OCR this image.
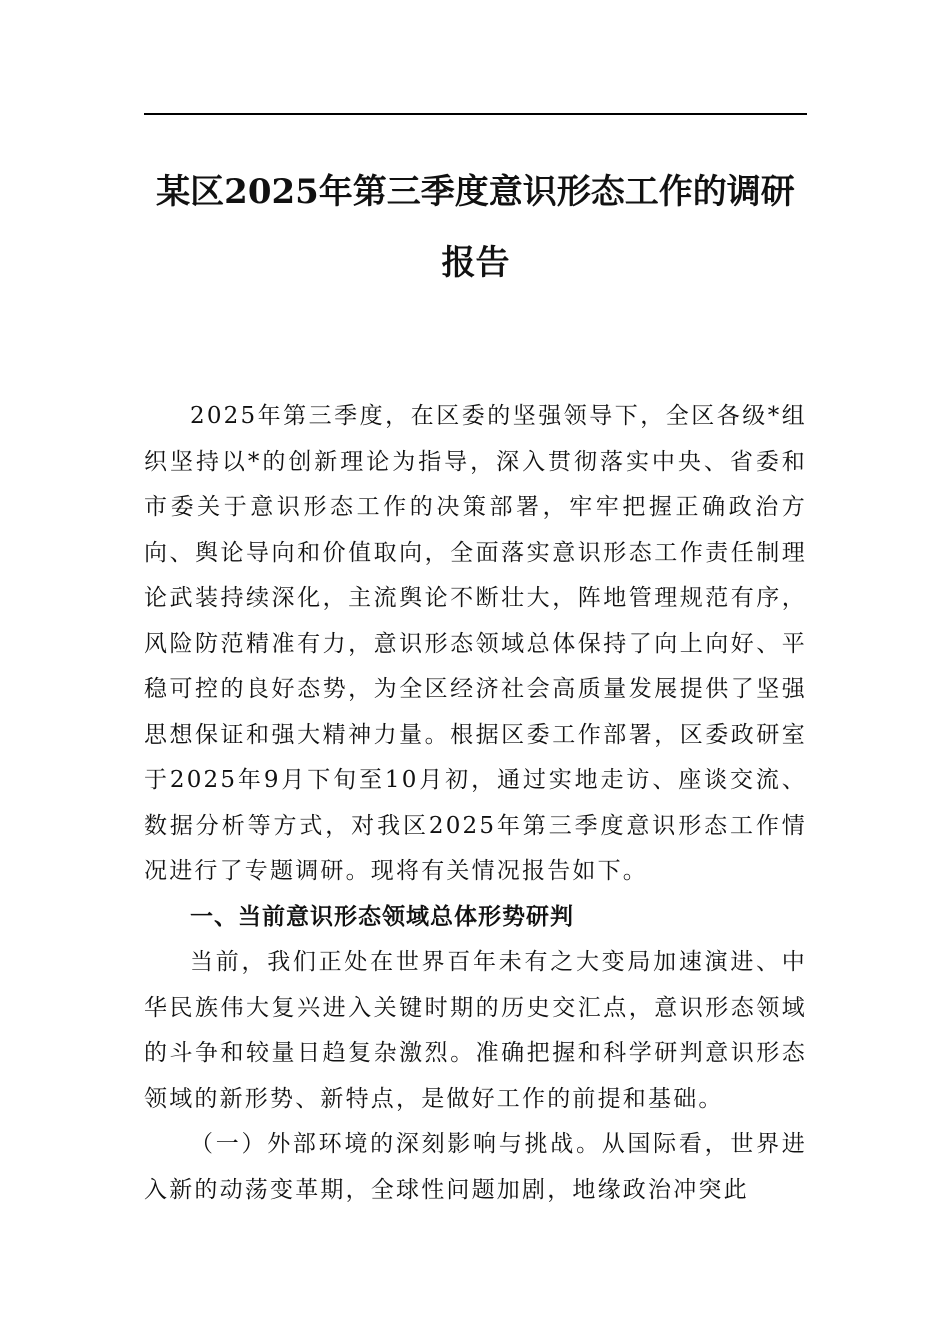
某区2025年第三季度意识形态工作的调研
报告

2025年第三季度，在区委的坚强领导下，全区各级*组织坚持以*的创新理论为指导，深入贯彻落实中央、省委和市委关于意识形态工作的决策部署，牢牢把握正确政治方向、舆论导向和价值取向，全面落实意识形态工作责任制理论武装持续深化，主流舆论不断壮大，阵地管理规范有序，风险防范精准有力，意识形态领域总体保持了向上向好、平稳可控的良好态势，为全区经济社会高质量发展提供了坚强思想保证和强大精神力量。根据区委工作部署，区委政研室于2025年9月下旬至10月初，通过实地走访、座谈交流、数据分析等方式，对我区2025年第三季度意识形态工作情况进行了专题调研。现将有关情况报告如下。

一、当前意识形态领域总体形势研判

当前，我们正处在世界百年未有之大变局加速演进、中华民族伟大复兴进入关键时期的历史交汇点，意识形态领域的斗争和较量日趋复杂激烈。准确把握和科学研判意识形态领域的新形势、新特点，是做好工作的前提和基础。

（一）外部环境的深刻影响与挑战。从国际看，世界进入新的动荡变革期，全球性问题加剧，地缘政治冲突此
